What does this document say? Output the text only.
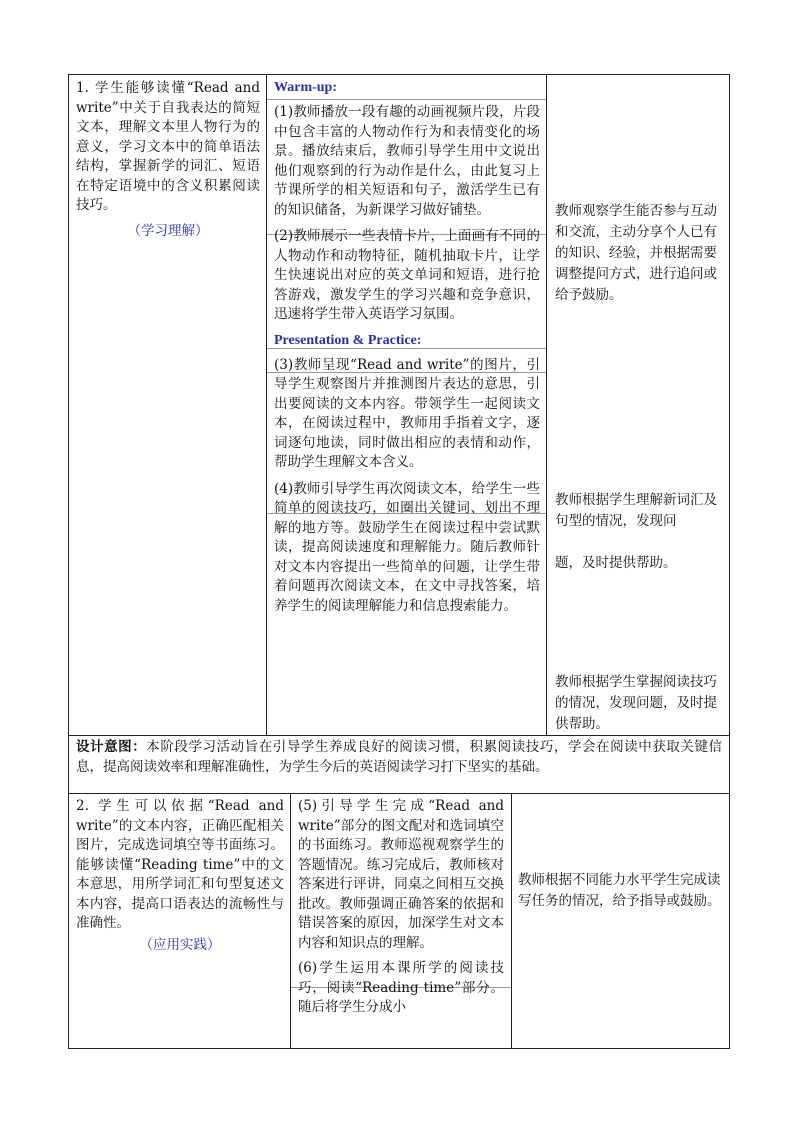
1. 学生能够读懂“Read and write”中关于自我表达的简短文本，理解文本里人物行为的意义，学习文本中的简单语法结构，掌握新学的词汇、短语在特定语境中的含义积累阅读技巧。
（学习理解）
Warm-up:
(1)教师播放一段有趣的动画视频片段，片段中包含丰富的人物动作行为和表情变化的场景。播放结束后，教师引导学生用中文说出他们观察到的行为动作是什么，由此复习上节课所学的相关短语和句子，激活学生已有的知识储备，为新课学习做好铺垫。
(2)教师展示一些表情卡片，上面画有不同的人物动作和动物特征，随机抽取卡片，让学生快速说出对应的英文单词和短语，进行抢答游戏，激发学生的学习兴趣和竞争意识，迅速将学生带入英语学习氛围。
Presentation & Practice:
(3)教师呈现“Read and write”的图片，引导学生观察图片并推测图片表达的意思，引出要阅读的文本内容。带领学生一起阅读文本，在阅读过程中，教师用手指着文字，逐词逐句地读，同时做出相应的表情和动作，帮助学生理解文本含义。
(4)教师引导学生再次阅读文本，给学生一些简单的阅读技巧，如圈出关键词、划出不理解的地方等。鼓励学生在阅读过程中尝试默读，提高阅读速度和理解能力。随后教师针对文本内容提出一些简单的问题，让学生带着问题再次阅读文本，在文中寻找答案，培养学生的阅读理解能力和信息搜索能力。
教师观察学生能否参与互动和交流，主动分享个人已有的知识、经验，并根据需要调整提问方式，进行追问或给予鼓励。
教师根据学生理解新词汇及句型的情况，发现问
题，及时提供帮助。
教师根据学生掌握阅读技巧的情况，发现问题，及时提供帮助。
设计意图：本阶段学习活动旨在引导学生养成良好的阅读习惯，积累阅读技巧，学会在阅读中获取关键信息，提高阅读效率和理解准确性，为学生今后的英语阅读学习打下坚实的基础。
2. 学生可以依据“Read and write”的文本内容，正确匹配相关图片，完成选词填空等书面练习。能够读懂“Reading time”中的文本意思，用所学词汇和句型复述文本内容，提高口语表达的流畅性与准确性。
（应用实践）
(5)引导学生完成“Read and write”部分的图文配对和选词填空的书面练习。教师巡视观察学生的答题情况。练习完成后，教师核对答案进行评讲，同桌之间相互交换批改。教师强调正确答案的依据和错误答案的原因，加深学生对文本内容和知识点的理解。
(6)学生运用本课所学的阅读技巧，阅读“Reading time”部分。随后将学生分成小
教师根据不同能力水平学生完成读写任务的情况，给予指导或鼓励。
